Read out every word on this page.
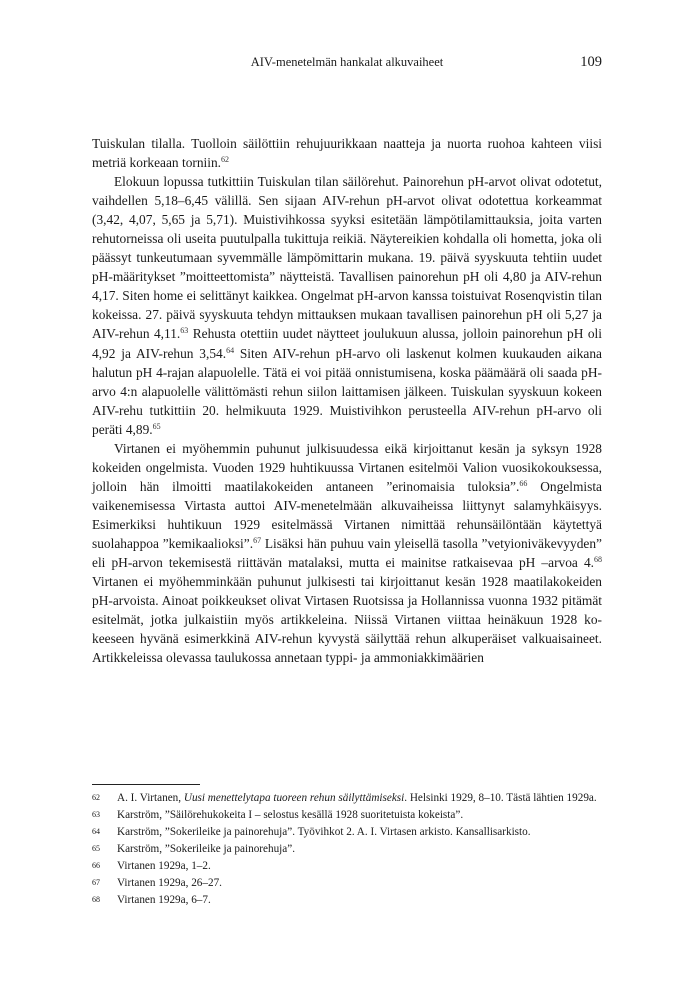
AIV-menetelmän hankalat alkuvaiheet	109

Tuiskulan tilalla. Tuolloin säilöttiin rehujuurikkaan naatteja ja nuorta ruohoa kahteen viisi metriä korkeaan torniin.$^{62}$

Elokuun lopussa tutkittiin Tuiskulan tilan säilörehut. Painorehun pH-arvot olivat odotetut, vaihdellen 5,18–6,45 välillä. Sen sijaan AIV-rehun pH-arvot olivat odotettua korkeammat (3,42, 4,07, 5,65 ja 5,71). Muistivihkossa syyksi esitetään lämpötilamittauksia, joita varten rehutorneissa oli useita puutulpalla tukittuja reikiä. Näytereikien kohdalla oli hometta, joka oli päässyt tunkeutumaan syvemmälle lämpömittarin mukana. 19. päivä syyskuuta tehtiin uudet pH-määritykset ”moitteettomista” näytteistä. Tavallisen painorehun pH oli 4,80 ja AIV-rehun 4,17. Siten home ei selittänyt kaikkea. Ongelmat pH-arvon kanssa toistuivat Rosenqvistin tilan kokeissa. 27. päivä syyskuuta tehdyn mittauksen mukaan tavallisen painorehun pH oli 5,27 ja AIV-rehun 4,11.63 Rehusta otettiin uudet näytteet joulukuun alussa, jolloin painorehun pH oli 4,92 ja AIV-rehun 3,54.64 Siten AIV-rehun pH-arvo oli laskenut kolmen kuukauden aikana halutun pH 4-rajan alapuolelle. Tätä ei voi pitää onnistumisena, koska päämäärä oli saada pH-arvo 4:n alapuolelle välittömästi rehun siilon laittamisen jälkeen. Tuiskulan syyskuun kokeen AIV-rehu tutkittiin 20. helmikuuta 1929. Muistivihkon perusteella AIV-rehun pH-arvo oli peräti 4,89.65

Virtanen ei myöhemmin puhunut julkisuudessa eikä kirjoittanut kesän ja syksyn 1928 kokeiden ongelmista. Vuoden 1929 huhtikuussa Virtanen esitelmöi Valion vuosikokouksessa, jolloin hän ilmoitti maatilakokeiden antaneen ”erinomaisia tuloksia”.$^{66}$ Ongelmista vaikenemisessa Virtasta auttoi AIV-menetelmään alkuvaiheissa liittynyt salamyhkäisyys. Esimerkiksi huhtikuun 1929 esitelmässä Virtanen nimittää rehunsäilöntään käytettyä suolahappoa ”kemikaalioksi”.$^{67}$ Lisäksi hän puhuu vain yleisellä tasolla ”vetyioniväkevyyden” eli pH-arvon tekemisestä riittävän matalaksi, mutta ei mainitse ratkaisevaa pH –arvoa 4.68 Virtanen ei myöhemminkään puhunut julkisesti tai kirjoittanut kesän 1928 maatilakokeiden pH-arvoista. Ainoat poikkeukset olivat Virtasen Ruotsissa ja Hollannissa vuonna 1932 pitämät esitelmät, jotka julkaistiin myös artikkeleina. Niissä Virtanen viittaa heinäkuun 1928 kokeeseen hyvänä esimerkkinä AIV-rehun kyvystä säilyttää rehun alkuperäiset valkuaisaineet. Artikkeleissa olevassa taulukossa annetaan typpi- ja ammoniakkimäärien

62 A. I. Virtanen, Uusi menettelytapa tuoreen rehun säilyttämiseksi. Helsinki 1929, 8–10. Tästä lähtien 1929a.
63 Karström, ”Säilörehukokeita I – selostus kesällä 1928 suoritetuista kokeista”.
64 Karström, ”Sokerileike ja painorehuja”. Työvihkot 2. A. I. Virtasen arkisto. Kansallisarkisto.
65 Karström, ”Sokerileike ja painorehuja”.
66 Virtanen 1929a, 1–2.
67 Virtanen 1929a, 26–27.
68 Virtanen 1929a, 6–7.
